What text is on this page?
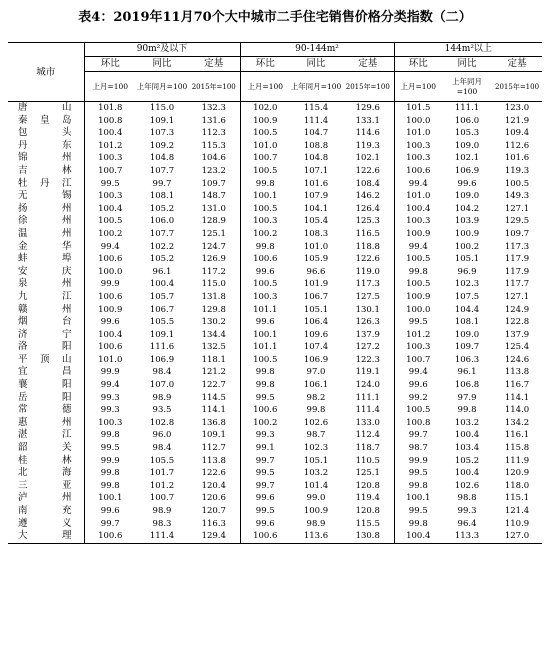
表4：2019年11月70个大中城市二手住宅销售价格分类指数（二）
城市	90m²及以下			90-144m²			144m²以上		
	环比	同比	定基	环比	同比	定基	环比	同比	定基
	上月=100	上年同月=100	2015年=100	上月=100	上年同月=100	2015年=100	上月=100	上年同月=100	2015年=100
唐山	101.8	115.0	132.3	102.0	115.4	129.6	101.5	111.1	123.0
秦皇岛	100.8	109.1	131.6	100.9	111.4	133.1	100.0	106.0	121.9
包头	100.4	107.3	112.3	100.5	104.7	114.6	101.0	105.3	109.4
丹东	101.2	109.2	115.3	101.0	108.8	119.3	100.3	109.0	112.6
锦州	100.3	104.8	104.6	100.7	104.8	102.1	100.3	102.1	101.6
吉林	100.7	107.7	123.2	100.5	107.1	122.6	100.6	106.9	119.3
牡丹江	99.5	99.7	109.7	99.8	101.6	108.4	99.4	99.6	100.5
无锡	100.3	108.1	148.7	100.1	107.9	146.2	101.0	109.0	149.3
扬州	100.4	105.2	131.0	100.5	104.1	126.4	100.4	104.2	127.1
徐州	100.5	106.0	128.9	100.3	105.4	125.3	100.3	103.9	129.5
温州	100.2	107.7	125.1	100.2	108.3	116.5	100.9	100.9	109.7
金华	99.4	102.2	124.7	99.8	101.0	118.8	99.4	100.2	117.3
蚌埠	100.6	105.2	126.9	100.6	105.9	122.6	100.5	105.1	117.9
安庆	100.0	96.1	117.2	99.6	96.6	119.0	99.8	96.9	117.9
泉州	99.9	100.4	115.0	100.5	101.9	117.3	100.5	102.3	117.7
九江	100.6	105.7	131.8	100.3	106.7	127.5	100.9	107.5	127.1
赣州	100.9	106.7	129.8	101.1	105.1	130.1	100.0	104.4	124.9
烟台	99.6	105.5	130.2	99.6	106.4	126.3	99.5	108.1	122.8
济宁	100.4	109.1	134.4	100.1	109.6	137.9	101.2	109.0	137.9
洛阳	100.6	111.6	132.5	101.1	107.4	127.2	100.3	109.7	125.4
平顶山	101.0	106.9	118.1	100.5	106.9	122.3	100.7	106.3	124.6
宜昌	99.9	98.4	121.2	99.8	97.0	119.1	99.4	96.1	113.8
襄阳	99.4	107.0	122.7	99.8	106.1	124.0	99.6	106.8	116.7
岳阳	99.3	98.9	114.5	99.5	98.2	111.1	99.2	97.9	114.1
常德	99.3	93.5	114.1	100.6	99.8	111.4	100.5	99.8	114.0
惠州	100.3	102.8	136.8	100.2	102.6	133.0	100.8	103.2	134.2
湛江	99.8	96.0	109.1	99.3	98.7	112.4	99.7	100.4	116.1
韶关	99.5	98.4	112.7	99.1	102.3	118.7	98.7	103.4	115.8
桂林	99.9	105.5	113.8	99.7	105.1	110.5	99.9	105.2	111.9
北海	99.8	101.7	122.6	99.5	103.2	125.1	99.5	100.4	120.9
三亚	99.8	101.2	120.4	99.7	101.4	120.8	99.8	102.6	118.0
泸州	100.1	100.7	120.6	99.6	99.0	119.4	100.1	98.8	115.1
南充	99.6	98.9	120.7	99.5	100.9	120.8	99.5	99.3	121.4
遵义	99.7	98.3	116.3	99.6	98.9	115.5	99.8	96.4	110.9
大理	100.6	111.4	129.4	100.6	113.6	130.8	100.4	113.3	127.0
